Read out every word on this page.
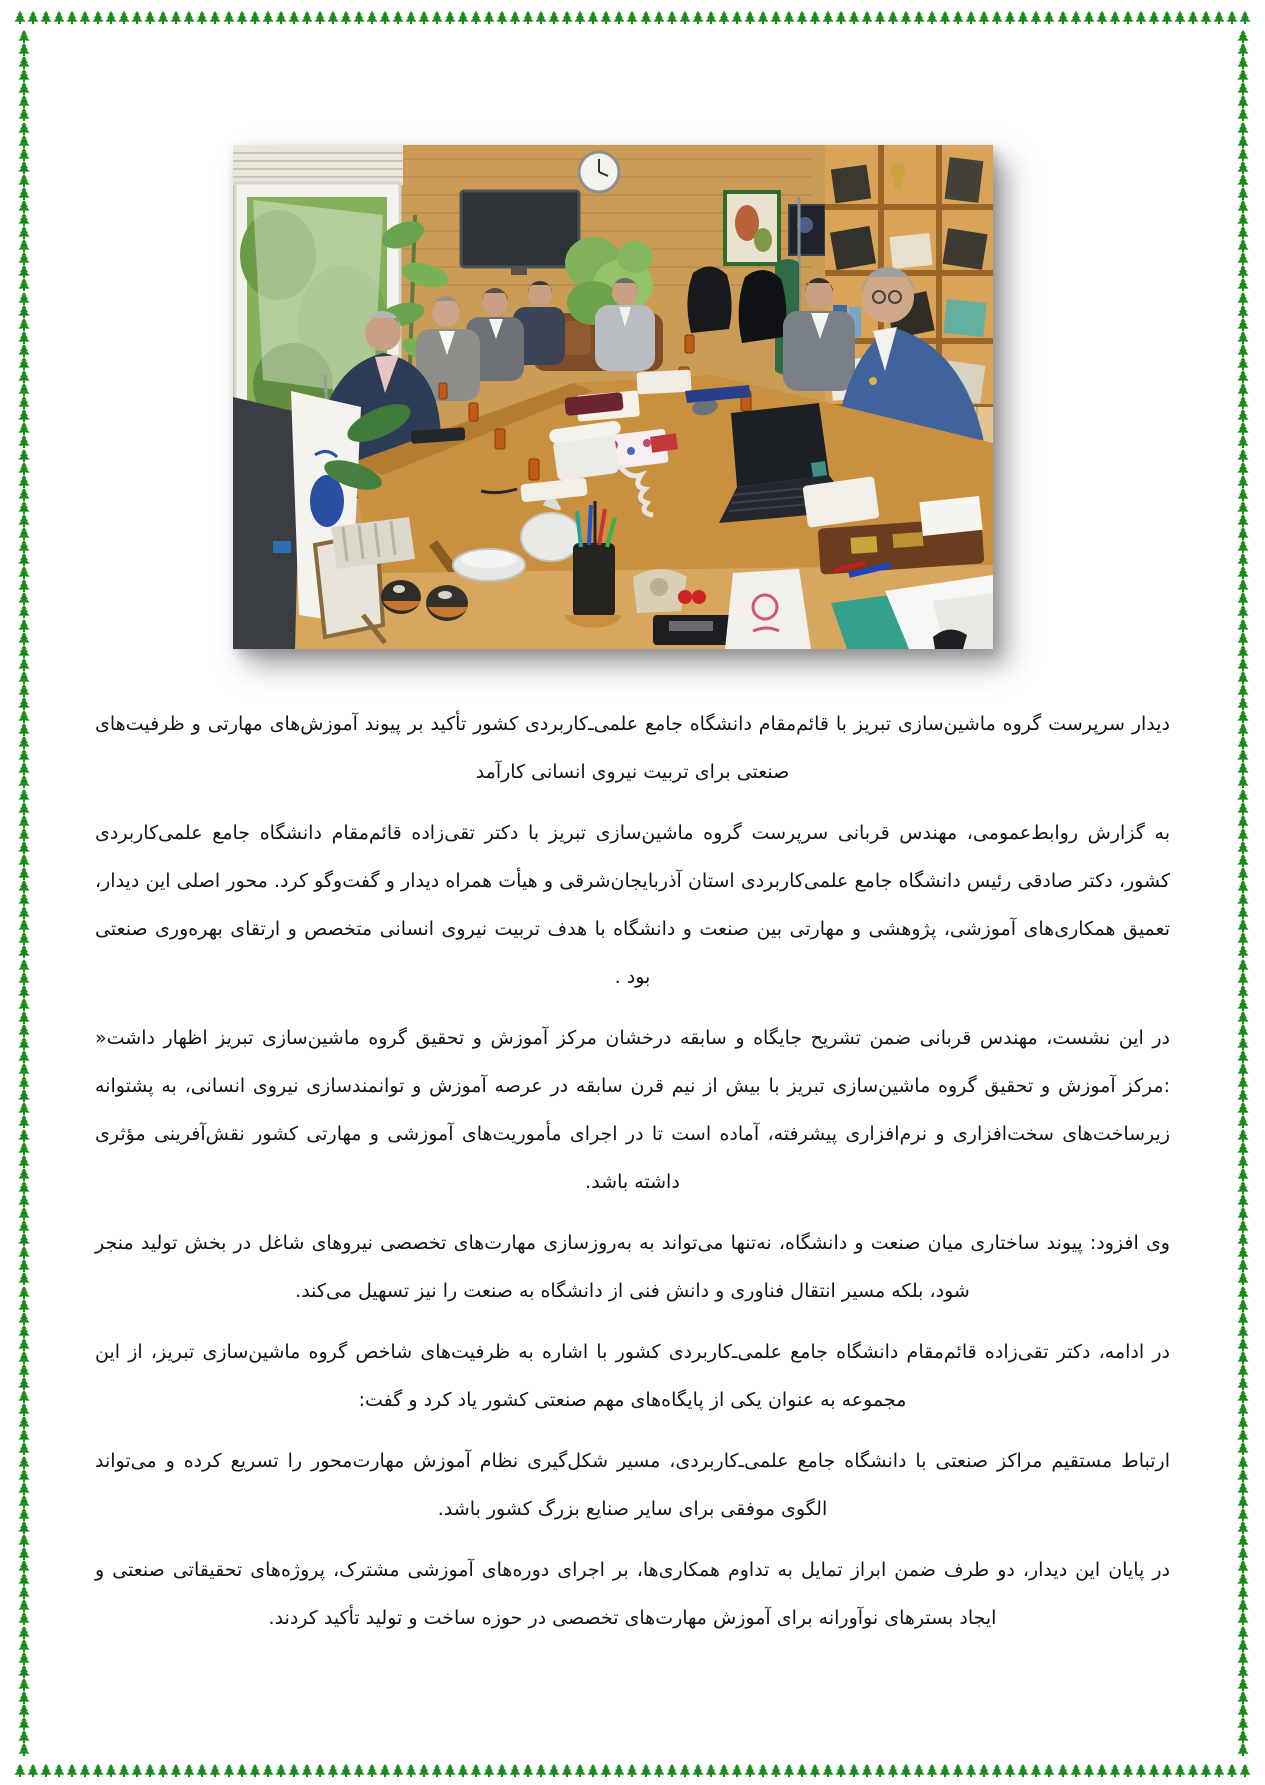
دیدار سرپرست گروه ماشین‌سازی تبریز با قائم‌مقام دانشگاه جامع علمی‌ـ‌کاربردی کشور تأکید بر پیوند آموزش‌های مهارتی و ظرفیت‌های صنعتی برای تربیت نیروی انسانی کارآمد

به گزارش روابط‌عمومی، مهندس قربانی سرپرست گروه ماشین‌سازی تبریز با دکتر تقی‌زاده قائم‌مقام دانشگاه جامع علمی‌کاربردی کشور، دکتر صادقی رئیس دانشگاه جامع علمی‌کاربردی استان آذربایجان‌شرقی و هیأت همراه دیدار و گفت‌وگو کرد. محور اصلی این دیدار، تعمیق همکاری‌های آموزشی، پژوهشی و مهارتی بین صنعت و دانشگاه با هدف تربیت نیروی انسانی متخصص و ارتقای بهره‌وری صنعتی بود .

در این نشست، مهندس قربانی ضمن تشریح جایگاه و سابقه درخشان مرکز آموزش و تحقیق گروه ماشین‌سازی تبریز اظهار داشت« :مرکز آموزش و تحقیق گروه ماشین‌سازی تبریز با بیش از نیم قرن سابقه در عرصه آموزش و توانمندسازی نیروی انسانی، به پشتوانه زیرساخت‌های سخت‌افزاری و نرم‌افزاری پیشرفته، آماده است تا در اجرای مأموریت‌های آموزشی و مهارتی کشور نقش‌آفرینی مؤثری داشته باشد.

وی افزود: پیوند ساختاری میان صنعت و دانشگاه، نه‌تنها می‌تواند به به‌روزسازی مهارت‌های تخصصی نیروهای شاغل در بخش تولید منجر شود، بلکه مسیر انتقال فناوری و دانش فنی از دانشگاه به صنعت را نیز تسهیل می‌کند.

در ادامه، دکتر تقی‌زاده قائم‌مقام دانشگاه جامع علمی‌ـ‌کاربردی کشور با اشاره به ظرفیت‌های شاخص گروه ماشین‌سازی تبریز، از این مجموعه به عنوان یکی از پایگاه‌های مهم صنعتی کشور یاد کرد و گفت:

ارتباط مستقیم مراکز صنعتی با دانشگاه جامع علمی‌ـ‌کاربردی، مسیر شکل‌گیری نظام آموزش مهارت‌محور را تسریع کرده و می‌تواند الگوی موفقی برای سایر صنایع بزرگ کشور باشد.

در پایان این دیدار، دو طرف ضمن ابراز تمایل به تداوم همکاری‌ها، بر اجرای دوره‌های آموزشی مشترک، پروژه‌های تحقیقاتی صنعتی و ایجاد بسترهای نوآورانه برای آموزش مهارت‌های تخصصی در حوزه ساخت و تولید تأکید کردند.
